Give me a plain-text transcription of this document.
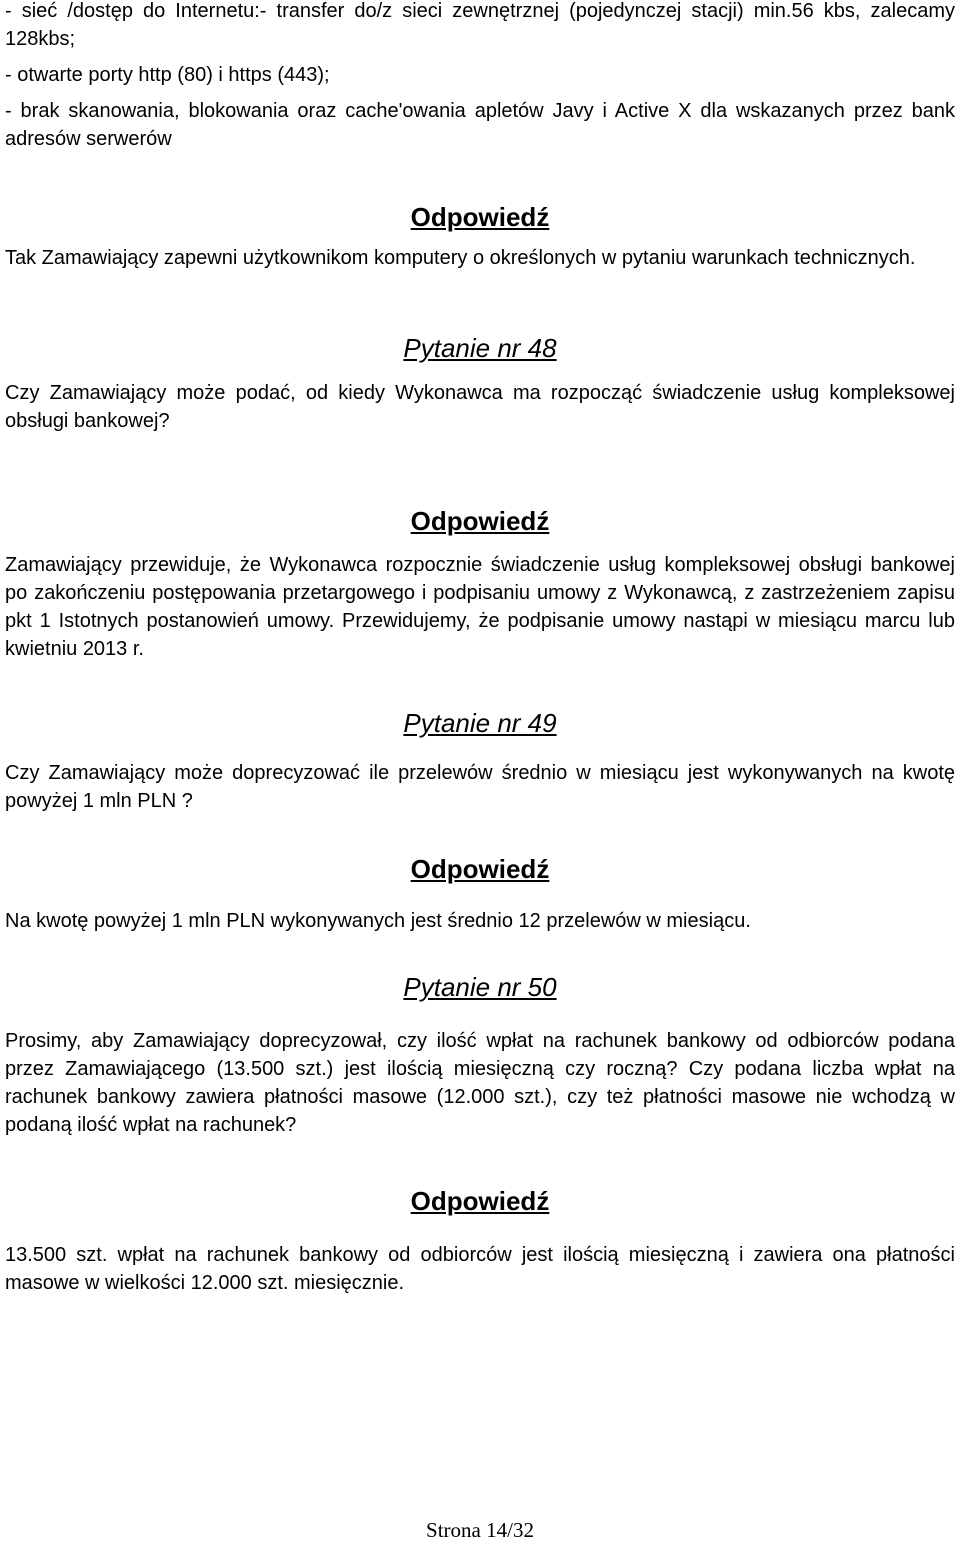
- sieć /dostęp do Internetu:- transfer do/z sieci zewnętrznej (pojedynczej stacji) min.56 kbs, zalecamy 128kbs;

- otwarte porty http (80) i https (443);

- brak skanowania, blokowania oraz cache'owania apletów Javy i Active X dla wskazanych przez bank adresów serwerów

Odpowiedź

Tak Zamawiający zapewni użytkownikom komputery o określonych w pytaniu warunkach technicznych.

Pytanie nr 48

Czy Zamawiający może podać, od kiedy Wykonawca ma rozpocząć świadczenie usług kompleksowej obsługi bankowej?

Odpowiedź

Zamawiający przewiduje, że Wykonawca rozpocznie świadczenie usług kompleksowej obsługi bankowej po zakończeniu postępowania przetargowego i podpisaniu umowy z Wykonawcą, z zastrzeżeniem zapisu pkt 1 Istotnych postanowień umowy. Przewidujemy, że podpisanie umowy nastąpi w miesiącu marcu lub kwietniu 2013 r.

Pytanie nr 49

Czy Zamawiający może doprecyzować ile przelewów średnio w miesiącu jest wykonywanych na kwotę powyżej 1 mln PLN ?

Odpowiedź

Na kwotę powyżej 1 mln PLN wykonywanych jest średnio 12 przelewów w miesiącu.

Pytanie nr 50

Prosimy, aby Zamawiający doprecyzował, czy ilość wpłat na rachunek bankowy od odbiorców podana przez Zamawiającego (13.500 szt.) jest ilością miesięczną czy roczną? Czy podana liczba wpłat na rachunek bankowy zawiera płatności masowe (12.000 szt.), czy też płatności masowe nie wchodzą w podaną ilość wpłat na rachunek?

Odpowiedź

13.500 szt. wpłat na rachunek bankowy od odbiorców jest ilością miesięczną i zawiera ona płatności masowe w wielkości 12.000 szt. miesięcznie.

Strona 14/32
